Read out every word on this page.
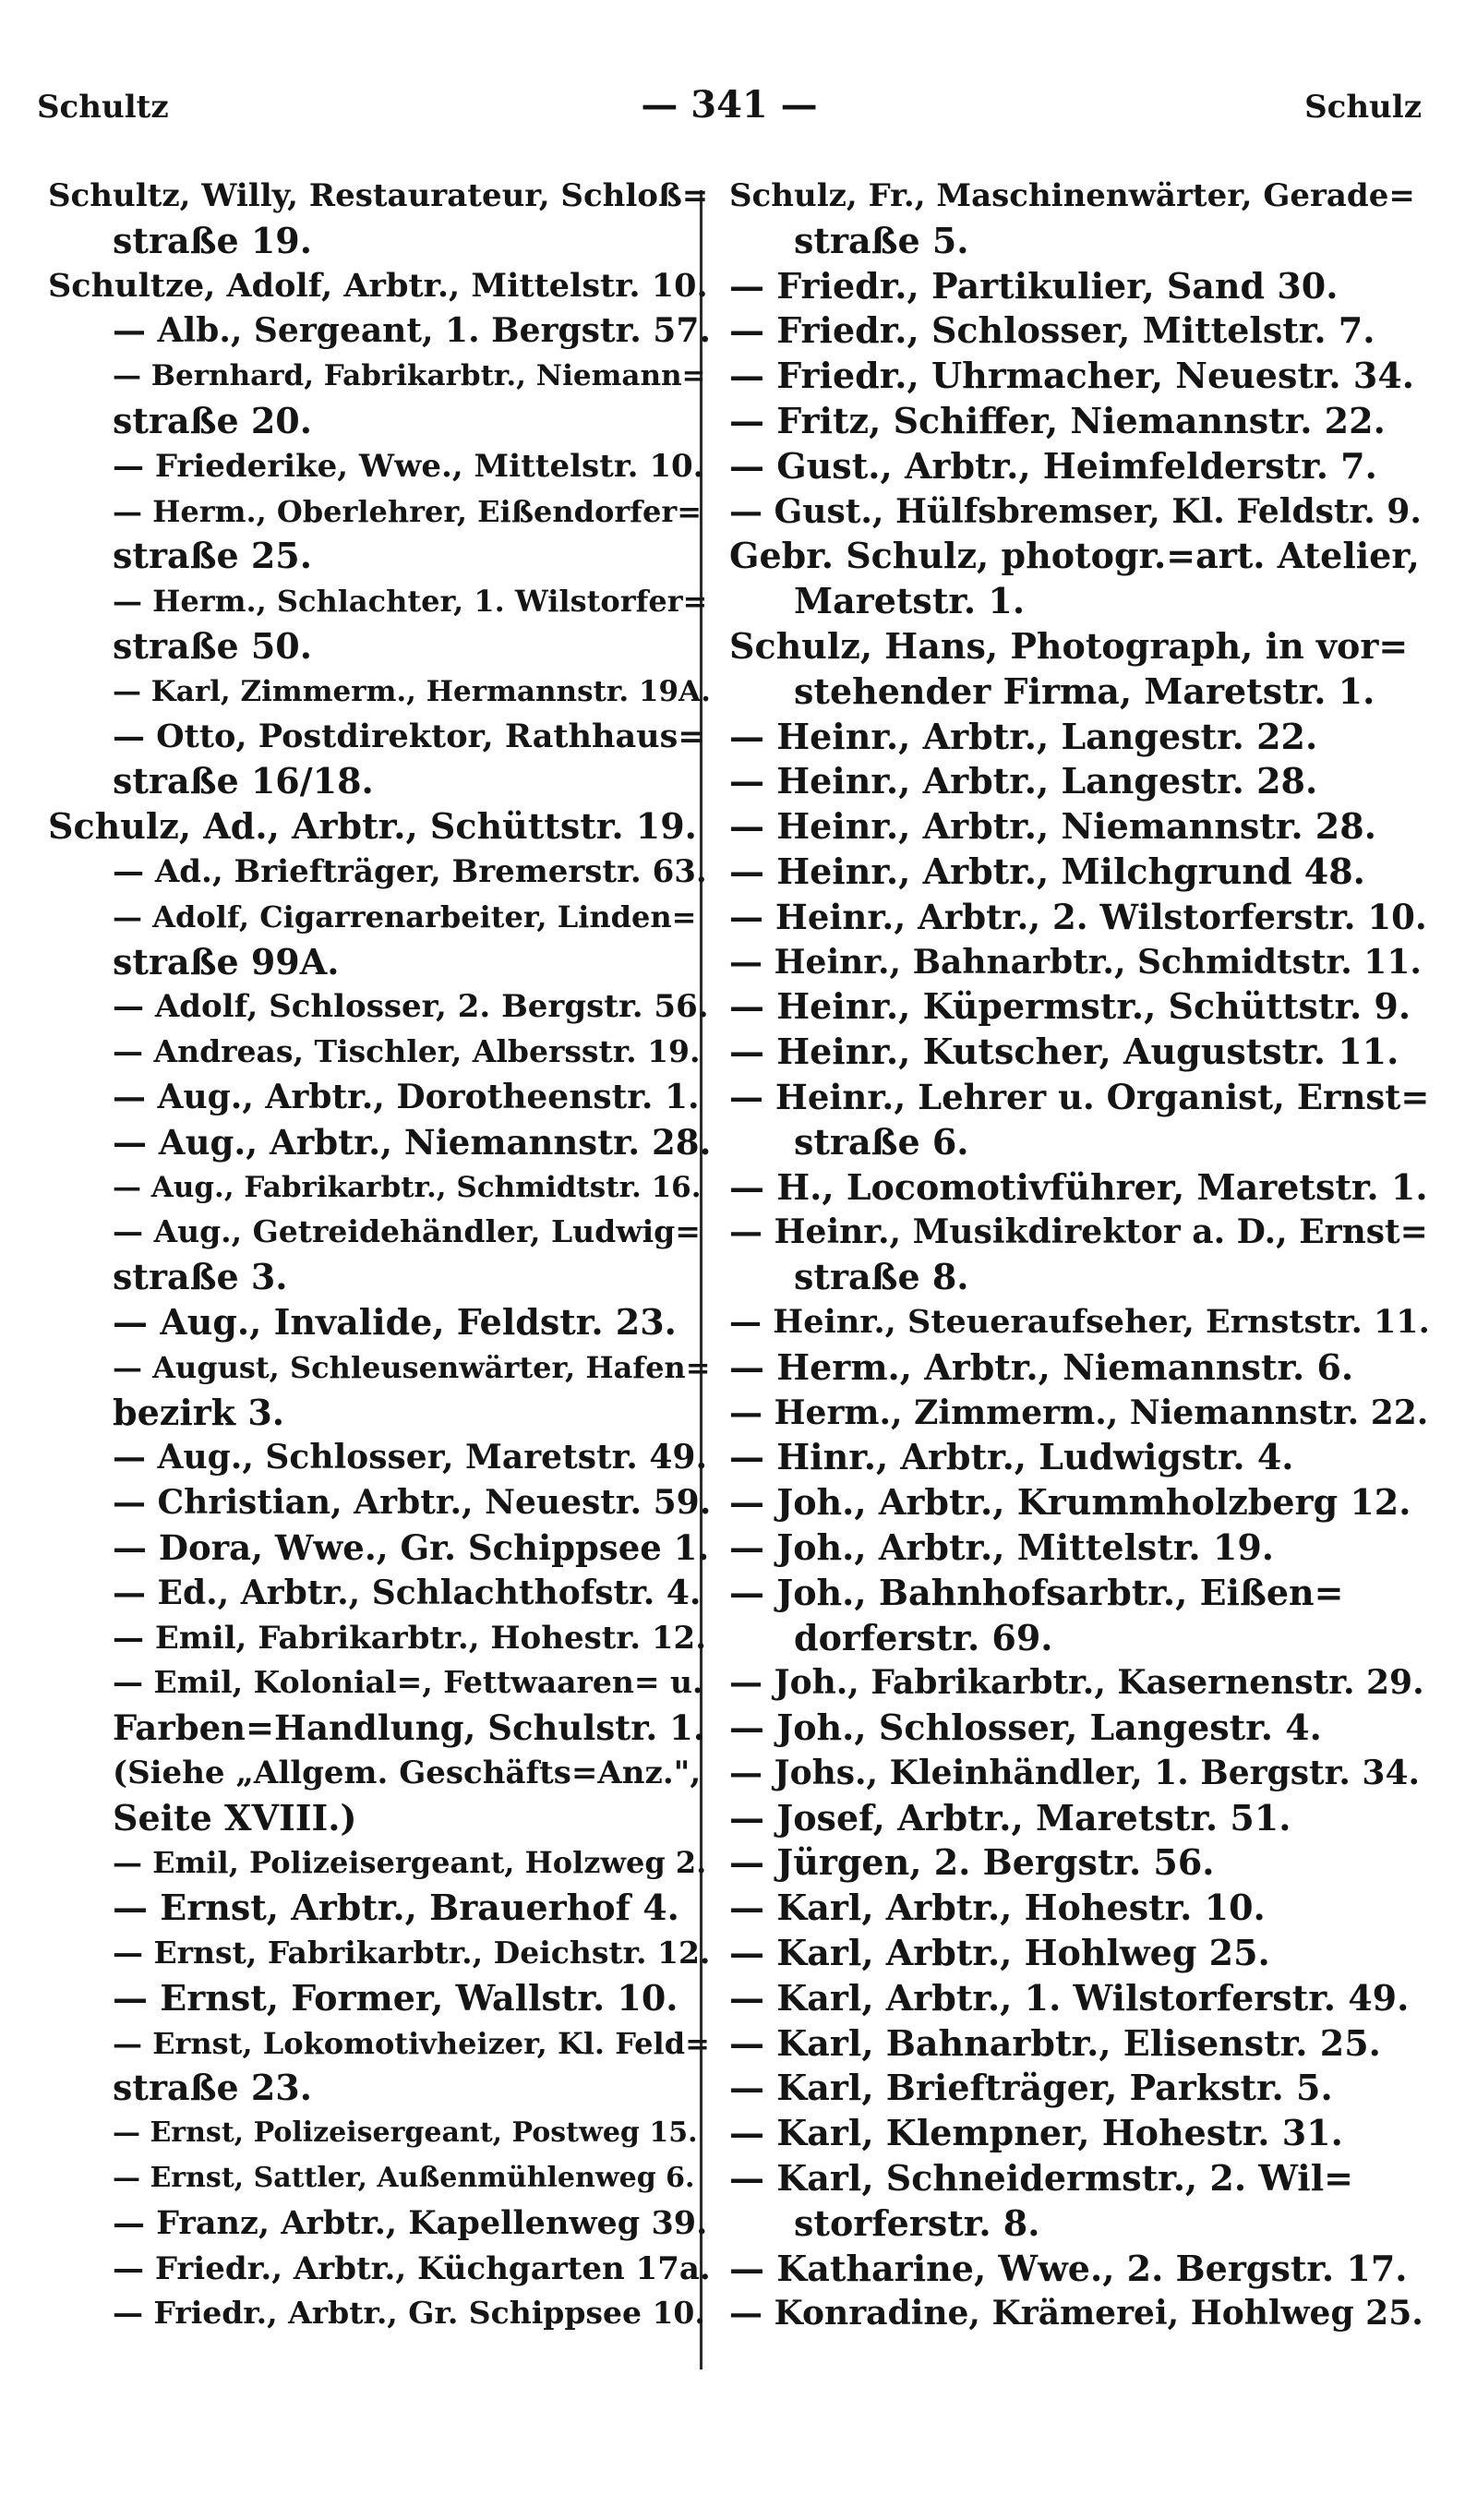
— 341 —
Schultz	Schulz
Schultz, Willy, Restaurateur, Schloß=
straße 19.
Schultze, Adolf, Arbtr., Mittelstr. 10.
— Alb., Sergeant, 1. Bergstr. 57.
— Bernhard, Fabrikarbtr., Niemann=
straße 20.
— Friederike, Wwe., Mittelstr. 10.
— Herm., Oberlehrer, Eißendorfer=
straße 25.
— Herm., Schlachter, 1. Wilstorfer=
straße 50.
— Karl, Zimmerm., Hermannstr. 19A.
— Otto, Postdirektor, Rathhaus=
straße 16/18.
Schulz, Ad., Arbtr., Schüttstr. 19.
— Ad., Briefträger, Bremerstr. 63.
— Adolf, Cigarrenarbeiter, Linden=
straße 99A.
— Adolf, Schlosser, 2. Bergstr. 56.
— Andreas, Tischler, Albersstr. 19.
— Aug., Arbtr., Dorotheenstr. 1.
— Aug., Arbtr., Niemannstr. 28.
— Aug., Fabrikarbtr., Schmidtstr. 16.
— Aug., Getreidehändler, Ludwig=
straße 3.
— Aug., Invalide, Feldstr. 23.
— August, Schleusenwärter, Hafen=
bezirk 3.
— Aug., Schlosser, Maretstr. 49.
— Christian, Arbtr., Neuestr. 59.
— Dora, Wwe., Gr. Schippsee 1.
— Ed., Arbtr., Schlachthofstr. 4.
— Emil, Fabrikarbtr., Hohestr. 12.
— Emil, Kolonial=, Fettwaaren= u.
Farben=Handlung, Schulstr. 1.
(Siehe „Allgem. Geschäfts=Anz.",
Seite XVIII.)
— Emil, Polizeisergeant, Holzweg 2.
— Ernst, Arbtr., Brauerhof 4.
— Ernst, Fabrikarbtr., Deichstr. 12.
— Ernst, Former, Wallstr. 10.
— Ernst, Lokomotivheizer, Kl. Feld=
straße 23.
— Ernst, Polizeisergeant, Postweg 15.
— Ernst, Sattler, Außenmühlenweg 6.
— Franz, Arbtr., Kapellenweg 39.
— Friedr., Arbtr., Küchgarten 17a.
— Friedr., Arbtr., Gr. Schippsee 10.
Schulz, Fr., Maschinenwärter, Gerade=
straße 5.
— Friedr., Partikulier, Sand 30.
— Friedr., Schlosser, Mittelstr. 7.
— Friedr., Uhrmacher, Neuestr. 34.
— Fritz, Schiffer, Niemannstr. 22.
— Gust., Arbtr., Heimfelderstr. 7.
— Gust., Hülfsbremser, Kl. Feldstr. 9.
Gebr. Schulz, photogr.=art. Atelier,
Maretstr. 1.
Schulz, Hans, Photograph, in vor=
stehender Firma, Maretstr. 1.
— Heinr., Arbtr., Langestr. 22.
— Heinr., Arbtr., Langestr. 28.
— Heinr., Arbtr., Niemannstr. 28.
— Heinr., Arbtr., Milchgrund 48.
— Heinr., Arbtr., 2. Wilstorferstr. 10.
— Heinr., Bahnarbtr., Schmidtstr. 11.
— Heinr., Küpermstr., Schüttstr. 9.
— Heinr., Kutscher, Auguststr. 11.
— Heinr., Lehrer u. Organist, Ernst=
straße 6.
— H., Locomotivführer, Maretstr. 1.
— Heinr., Musikdirektor a. D., Ernst=
straße 8.
— Heinr., Steueraufseher, Ernststr. 11.
— Herm., Arbtr., Niemannstr. 6.
— Herm., Zimmerm., Niemannstr. 22.
— Hinr., Arbtr., Ludwigstr. 4.
— Joh., Arbtr., Krummholzberg 12.
— Joh., Arbtr., Mittelstr. 19.
— Joh., Bahnhofsarbtr., Eißen=
dorferstr. 69.
— Joh., Fabrikarbtr., Kasernenstr. 29.
— Joh., Schlosser, Langestr. 4.
— Johs., Kleinhändler, 1. Bergstr. 34.
— Josef, Arbtr., Maretstr. 51.
— Jürgen, 2. Bergstr. 56.
— Karl, Arbtr., Hohestr. 10.
— Karl, Arbtr., Hohlweg 25.
— Karl, Arbtr., 1. Wilstorferstr. 49.
— Karl, Bahnarbtr., Elisenstr. 25.
— Karl, Briefträger, Parkstr. 5.
— Karl, Klempner, Hohestr. 31.
— Karl, Schneidermstr., 2. Wil=
storferstr. 8.
— Katharine, Wwe., 2. Bergstr. 17.
— Konradine, Krämerei, Hohlweg 25.
